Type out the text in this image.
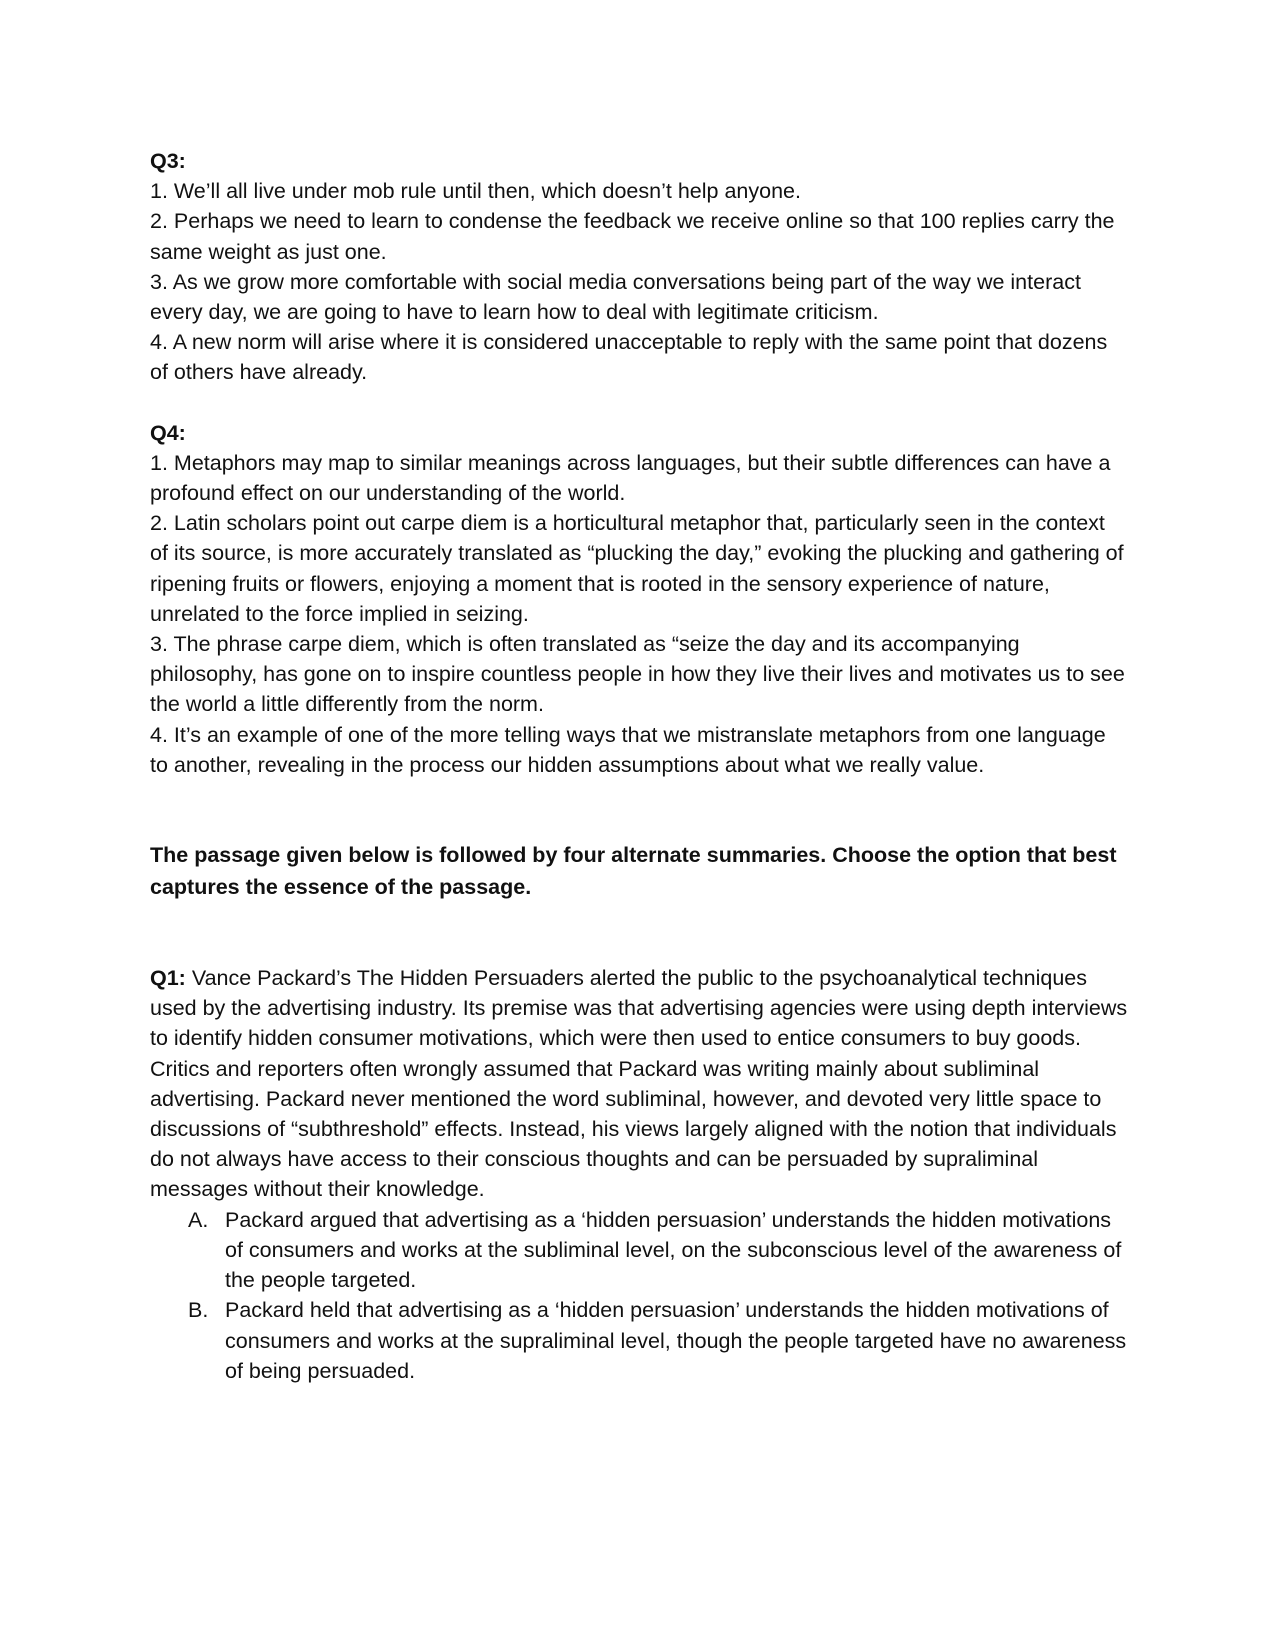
Q3:

1. We’ll all live under mob rule until then, which doesn’t help anyone.

2. Perhaps we need to learn to condense the feedback we receive online so that 100 replies carry the same weight as just one.

3. As we grow more comfortable with social media conversations being part of the way we interact every day, we are going to have to learn how to deal with legitimate criticism.

4. A new norm will arise where it is considered unacceptable to reply with the same point that dozens of others have already.

Q4:

1. Metaphors may map to similar meanings across languages, but their subtle differences can have a profound effect on our understanding of the world.

2. Latin scholars point out carpe diem is a horticultural metaphor that, particularly seen in the context of its source, is more accurately translated as “plucking the day,” evoking the plucking and gathering of ripening fruits or flowers, enjoying a moment that is rooted in the sensory experience of nature, unrelated to the force implied in seizing.

3. The phrase carpe diem, which is often translated as “seize the day and its accompanying philosophy, has gone on to inspire countless people in how they live their lives and motivates us to see the world a little differently from the norm.

4. It’s an example of one of the more telling ways that we mistranslate metaphors from one language to another, revealing in the process our hidden assumptions about what we really value.

The passage given below is followed by four alternate summaries. Choose the option that best captures the essence of the passage.

Q1: Vance Packard’s The Hidden Persuaders alerted the public to the psychoanalytical techniques used by the advertising industry. Its premise was that advertising agencies were using depth interviews to identify hidden consumer motivations, which were then used to entice consumers to buy goods. Critics and reporters often wrongly assumed that Packard was writing mainly about subliminal advertising. Packard never mentioned the word subliminal, however, and devoted very little space to discussions of “subthreshold” effects. Instead, his views largely aligned with the notion that individuals do not always have access to their conscious thoughts and can be persuaded by supraliminal messages without their knowledge.

A. Packard argued that advertising as a ‘hidden persuasion’ understands the hidden motivations of consumers and works at the subliminal level, on the subconscious level of the awareness of the people targeted.
B. Packard held that advertising as a ‘hidden persuasion’ understands the hidden motivations of consumers and works at the supraliminal level, though the people targeted have no awareness of being persuaded.
